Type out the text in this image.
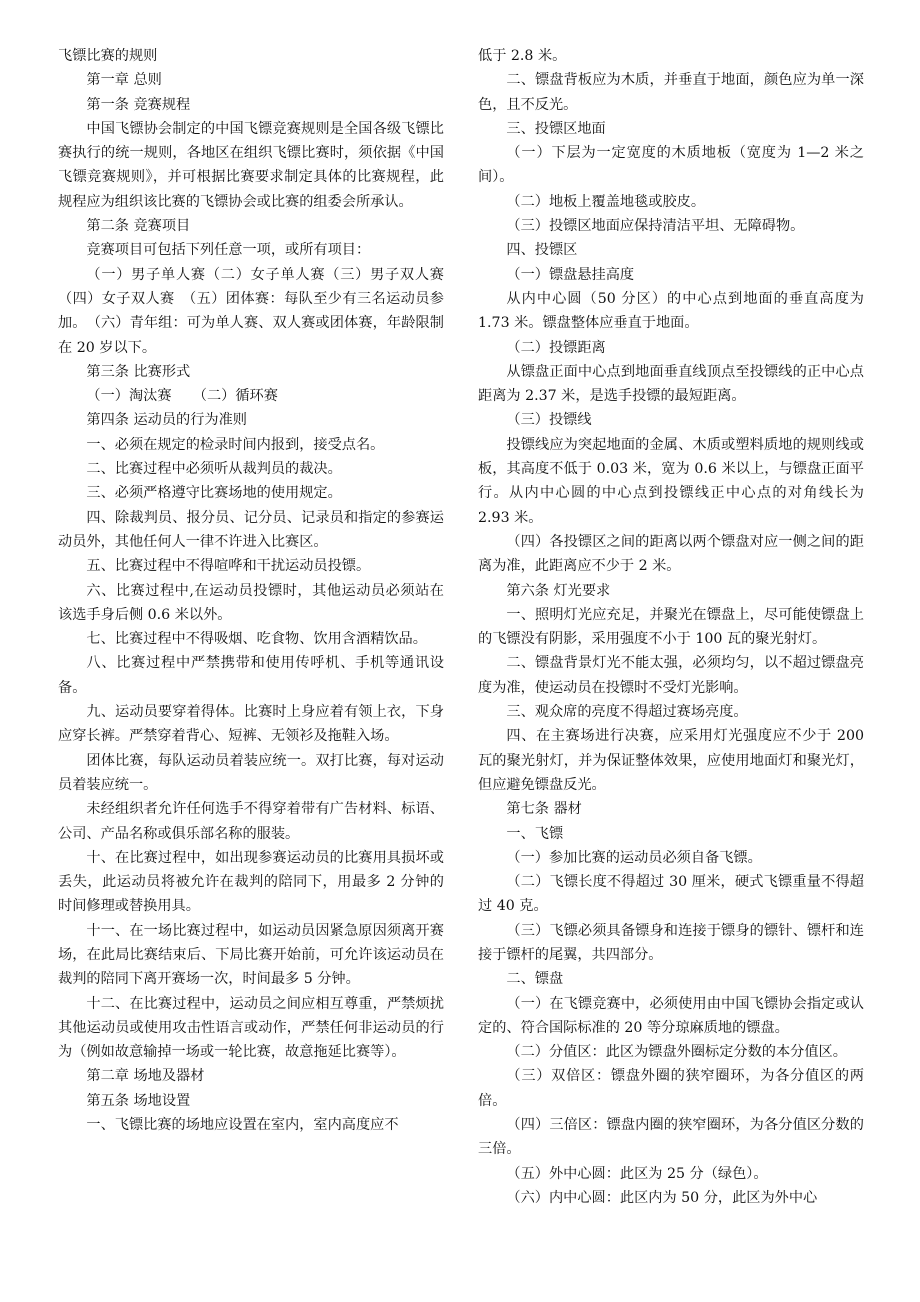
飞镖比赛的规则

第一章 总则

第一条 竞赛规程

中国飞镖协会制定的中国飞镖竞赛规则是全国各级飞镖比赛执行的统一规则，各地区在组织飞镖比赛时，须依据《中国飞镖竞赛规则》，并可根据比赛要求制定具体的比赛规程，此规程应为组织该比赛的飞镖协会或比赛的组委会所承认。

第二条 竞赛项目

竞赛项目可包括下列任意一项，或所有项目：

（一）男子单人赛（二）女子单人赛（三）男子双人赛　　（四）女子双人赛　（五）团体赛：每队至少有三名运动员参加。　（六）青年组：可为单人赛、双人赛或团体赛，年龄限制在 20 岁以下。

第三条 比赛形式

（一）淘汰赛　　（二）循环赛

第四条 运动员的行为准则

一、必须在规定的检录时间内报到，接受点名。

二、比赛过程中必须听从裁判员的裁决。

三、必须严格遵守比赛场地的使用规定。

四、除裁判员、报分员、记分员、记录员和指定的参赛运动员外，其他任何人一律不许进入比赛区。

五、比赛过程中不得喧哗和干扰运动员投镖。

六、比赛过程中,在运动员投镖时，其他运动员必须站在该选手身后侧 0.6 米以外。

七、比赛过程中不得吸烟、吃食物、饮用含酒精饮品。

八、比赛过程中严禁携带和使用传呼机、手机等通讯设备。

九、运动员要穿着得体。比赛时上身应着有领上衣，下身应穿长裤。严禁穿着背心、短裤、无领衫及拖鞋入场。

团体比赛，每队运动员着装应统一。双打比赛，每对运动员着装应统一。

未经组织者允许任何选手不得穿着带有广告材料、标语、公司、产品名称或俱乐部名称的服装。

十、在比赛过程中，如出现参赛运动员的比赛用具损坏或丢失，此运动员将被允许在裁判的陪同下，用最多 2 分钟的时间修理或替换用具。

十一、在一场比赛过程中，如运动员因紧急原因须离开赛场，在此局比赛结束后、下局比赛开始前，可允许该运动员在裁判的陪同下离开赛场一次，时间最多 5 分钟。

十二、在比赛过程中，运动员之间应相互尊重，严禁烦扰其他运动员或使用攻击性语言或动作，严禁任何非运动员的行为（例如故意输掉一场或一轮比赛，故意拖延比赛等）。

第二章 场地及器材

第五条 场地设置

一、飞镖比赛的场地应设置在室内，室内高度应不

低于 2.8 米。

二、镖盘背板应为木质，并垂直于地面，颜色应为单一深色，且不反光。

三、投镖区地面

（一）下层为一定宽度的木质地板（宽度为 1—2 米之间）。

（二）地板上覆盖地毯或胶皮。

（三）投镖区地面应保持清洁平坦、无障碍物。

四、投镖区

（一）镖盘悬挂高度

从内中心圆（50 分区）的中心点到地面的垂直高度为 1.73 米。镖盘整体应垂直于地面。

（二）投镖距离

从镖盘正面中心点到地面垂直线顶点至投镖线的正中心点距离为 2.37 米，是选手投镖的最短距离。

（三）投镖线

投镖线应为突起地面的金属、木质或塑料质地的规则线或板，其高度不低于 0.03 米，宽为 0.6 米以上，与镖盘正面平行。从内中心圆的中心点到投镖线正中心点的对角线长为 2.93 米。

（四）各投镖区之间的距离以两个镖盘对应一侧之间的距离为准，此距离应不少于 2 米。

第六条 灯光要求

一、照明灯光应充足，并聚光在镖盘上，尽可能使镖盘上的飞镖没有阴影，采用强度不小于 100 瓦的聚光射灯。

二、镖盘背景灯光不能太强，必须均匀，以不超过镖盘亮度为准，使运动员在投镖时不受灯光影响。

三、观众席的亮度不得超过赛场亮度。

四、在主赛场进行决赛，应采用灯光强度应不少于 200 瓦的聚光射灯，并为保证整体效果，应使用地面灯和聚光灯，但应避免镖盘反光。

第七条 器材

一、飞镖

（一）参加比赛的运动员必须自备飞镖。

（二）飞镖长度不得超过 30 厘米，硬式飞镖重量不得超过 40 克。

（三）飞镖必须具备镖身和连接于镖身的镖针、镖杆和连接于镖杆的尾翼，共四部分。

二、镖盘

（一）在飞镖竞赛中，必须使用由中国飞镖协会指定或认定的、符合国际标准的 20 等分琼麻质地的镖盘。

（二）分值区：此区为镖盘外圈标定分数的本分值区。

（三）双倍区：镖盘外圈的狭窄圈环，为各分值区的两倍。

（四）三倍区：镖盘内圈的狭窄圈环，为各分值区分数的三倍。

（五）外中心圆：此区为 25 分（绿色）。

（六）内中心圆：此区内为 50 分，此区为外中心
